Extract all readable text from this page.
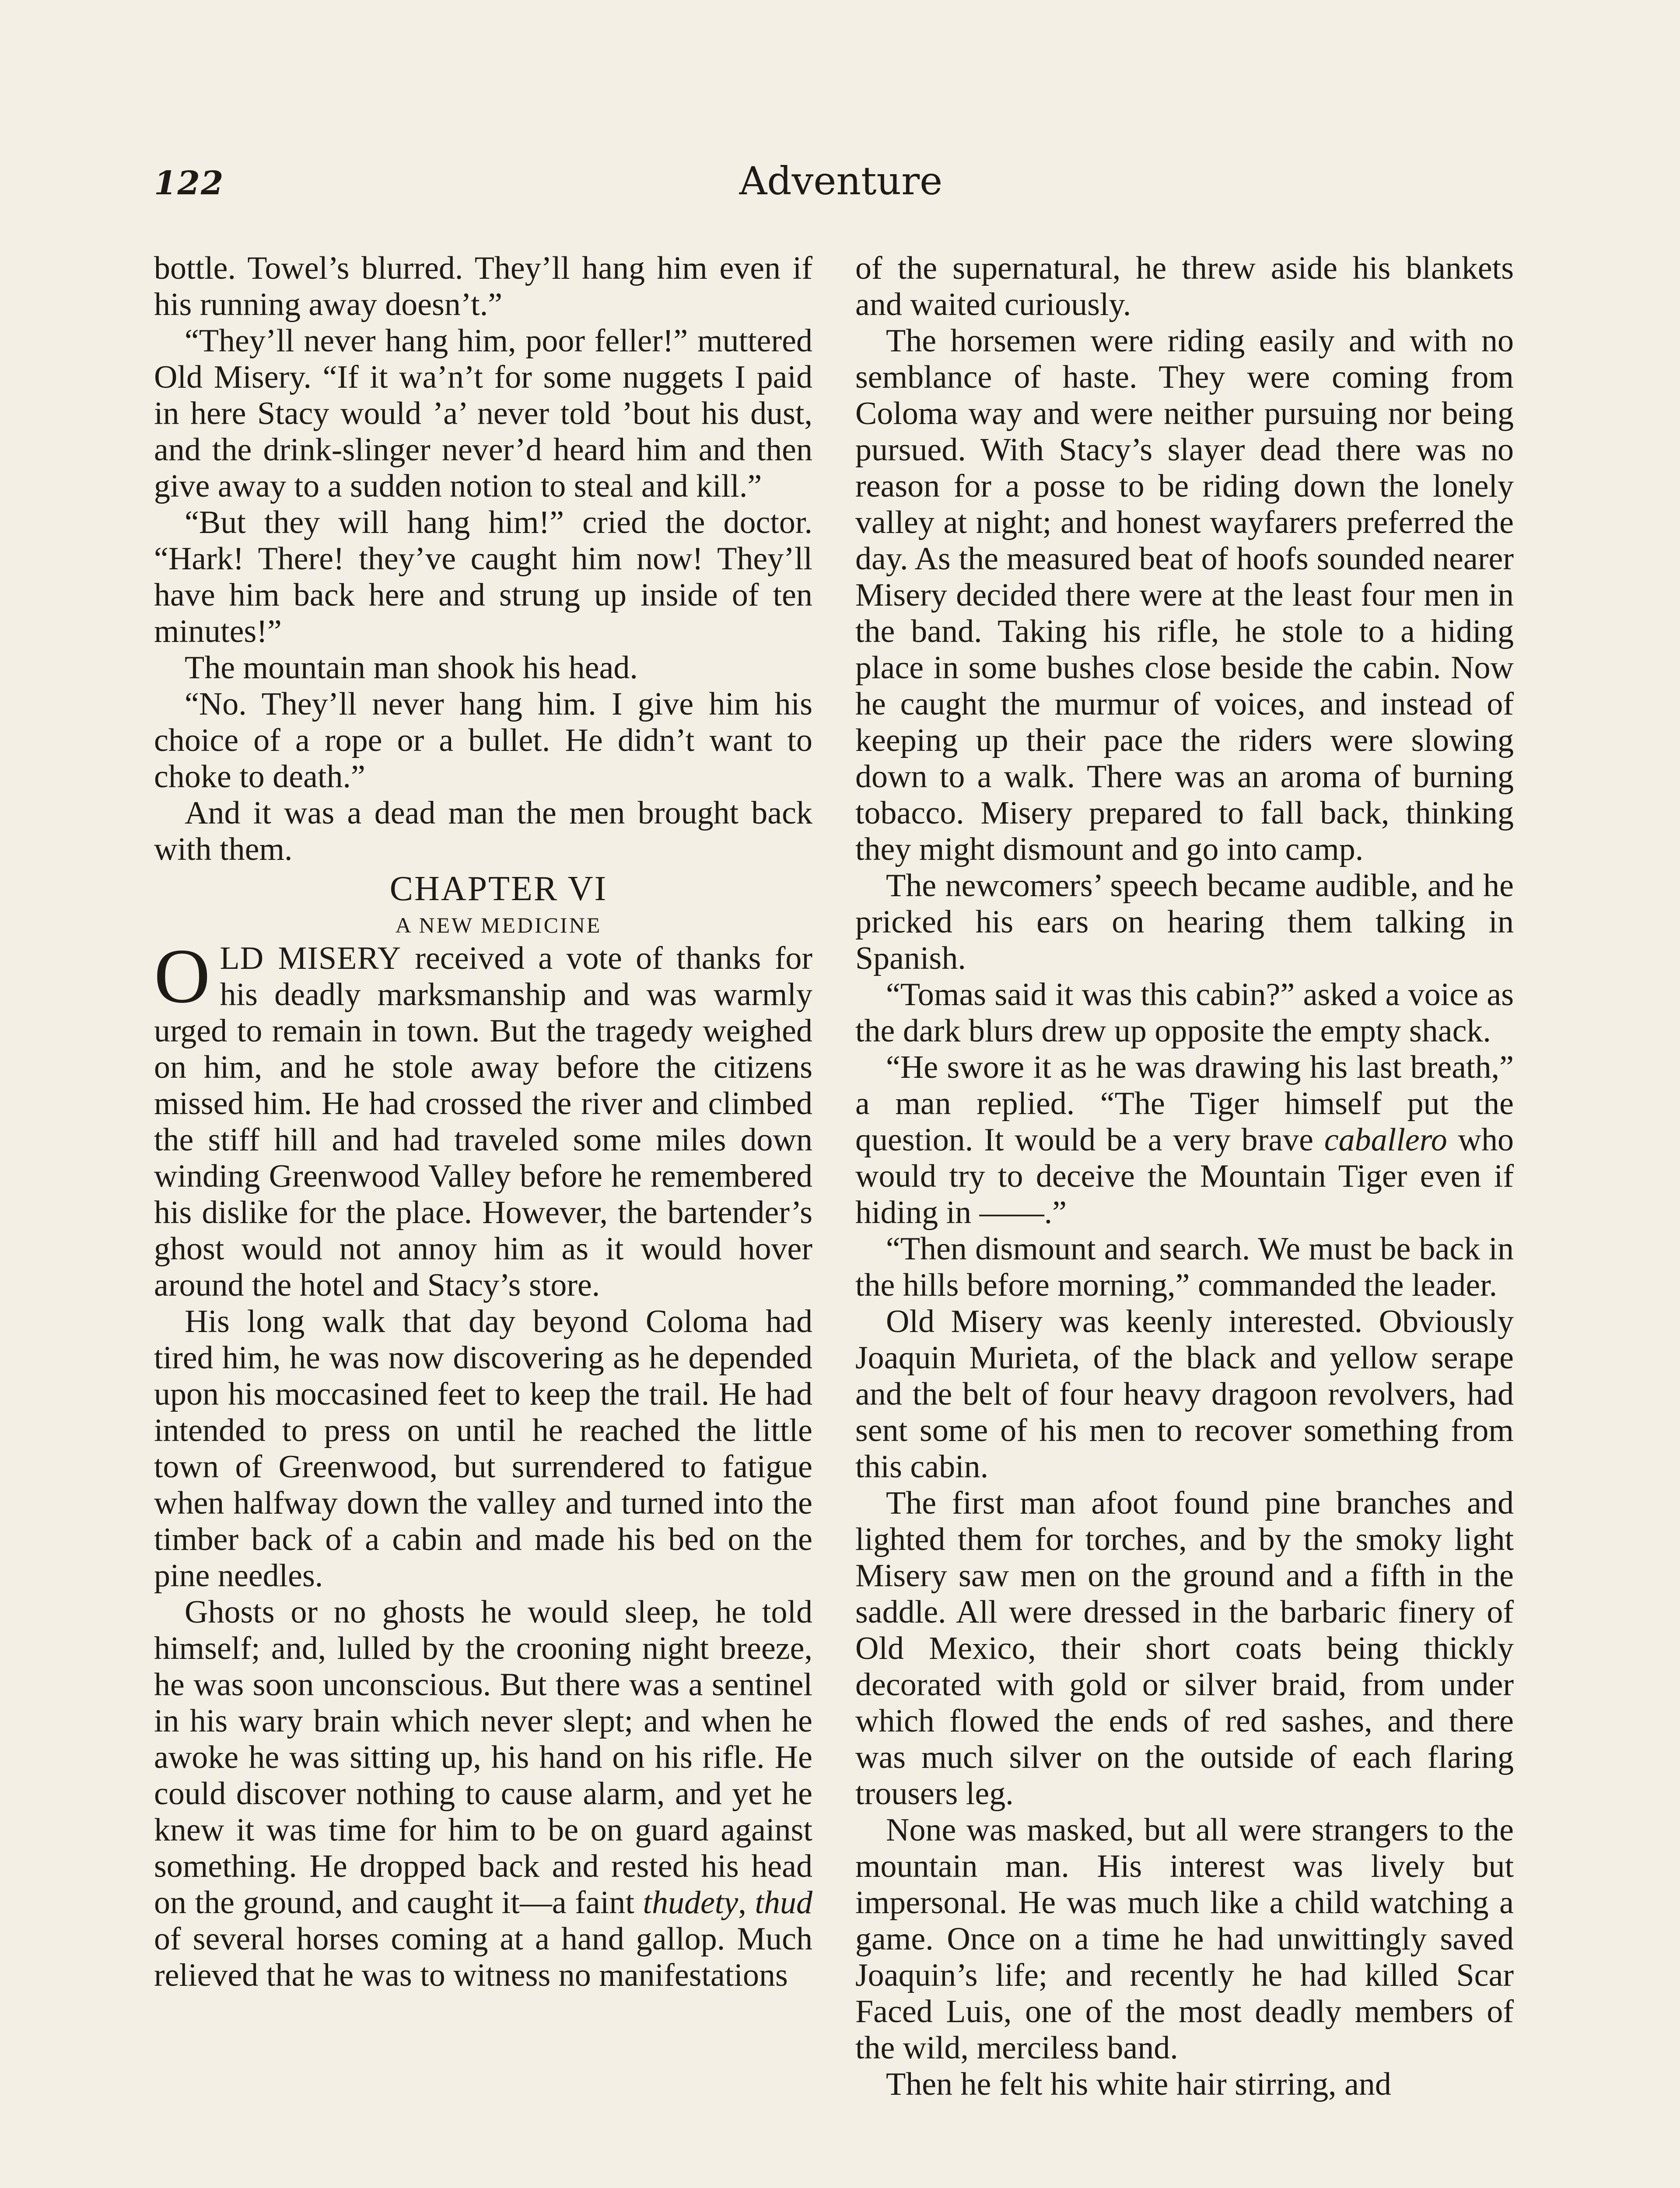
122	Adventure

bottle. Towel’s blurred. They’ll hang him even if his running away doesn’t.”

“They’ll never hang him, poor feller!” muttered Old Misery. “If it wa’n’t for some nuggets I paid in here Stacy would ’a’ never told ’bout his dust, and the drink-slinger never’d heard him and then give away to a sudden notion to steal and kill.”

“But they will hang him!” cried the doctor. “Hark! There! they’ve caught him now! They’ll have him back here and strung up inside of ten minutes!”

The mountain man shook his head.

“No. They’ll never hang him. I give him his choice of a rope or a bullet. He didn’t want to choke to death.”

And it was a dead man the men brought back with them.

CHAPTER VI

A NEW MEDICINE

OLD MISERY received a vote of thanks for his deadly marksmanship and was warmly urged to remain in town. But the tragedy weighed on him, and he stole away before the citizens missed him. He had crossed the river and climbed the stiff hill and had traveled some miles down winding Greenwood Valley before he remembered his dislike for the place. However, the bartender’s ghost would not annoy him as it would hover around the hotel and Stacy’s store.

His long walk that day beyond Coloma had tired him, he was now discovering as he depended upon his moccasined feet to keep the trail. He had intended to press on until he reached the little town of Greenwood, but surrendered to fatigue when halfway down the valley and turned into the timber back of a cabin and made his bed on the pine needles.

Ghosts or no ghosts he would sleep, he told himself; and, lulled by the crooning night breeze, he was soon unconscious. But there was a sentinel in his wary brain which never slept; and when he awoke he was sitting up, his hand on his rifle. He could discover nothing to cause alarm, and yet he knew it was time for him to be on guard against something. He dropped back and rested his head on the ground, and caught it—a faint thudety, thud of several horses coming at a hand gallop. Much relieved that he was to witness no manifestations

of the supernatural, he threw aside his blankets and waited curiously.

The horsemen were riding easily and with no semblance of haste. They were coming from Coloma way and were neither pursuing nor being pursued. With Stacy’s slayer dead there was no reason for a posse to be riding down the lonely valley at night; and honest wayfarers preferred the day. As the measured beat of hoofs sounded nearer Misery decided there were at the least four men in the band. Taking his rifle, he stole to a hiding place in some bushes close beside the cabin. Now he caught the murmur of voices, and instead of keeping up their pace the riders were slowing down to a walk. There was an aroma of burning tobacco. Misery prepared to fall back, thinking they might dismount and go into camp.

The newcomers’ speech became audible, and he pricked his ears on hearing them talking in Spanish.

“Tomas said it was this cabin?” asked a voice as the dark blurs drew up opposite the empty shack.

“He swore it as he was drawing his last breath,” a man replied. “The Tiger himself put the question. It would be a very brave caballero who would try to deceive the Mountain Tiger even if hiding in ——.”

“Then dismount and search. We must be back in the hills before morning,” commanded the leader.

Old Misery was keenly interested. Obviously Joaquin Murieta, of the black and yellow serape and the belt of four heavy dragoon revolvers, had sent some of his men to recover something from this cabin.

The first man afoot found pine branches and lighted them for torches, and by the smoky light Misery saw men on the ground and a fifth in the saddle. All were dressed in the barbaric finery of Old Mexico, their short coats being thickly decorated with gold or silver braid, from under which flowed the ends of red sashes, and there was much silver on the outside of each flaring trousers leg.

None was masked, but all were strangers to the mountain man. His interest was lively but impersonal. He was much like a child watching a game. Once on a time he had unwittingly saved Joaquin’s life; and recently he had killed Scar Faced Luis, one of the most deadly members of the wild, merciless band.

Then he felt his white hair stirring, and
